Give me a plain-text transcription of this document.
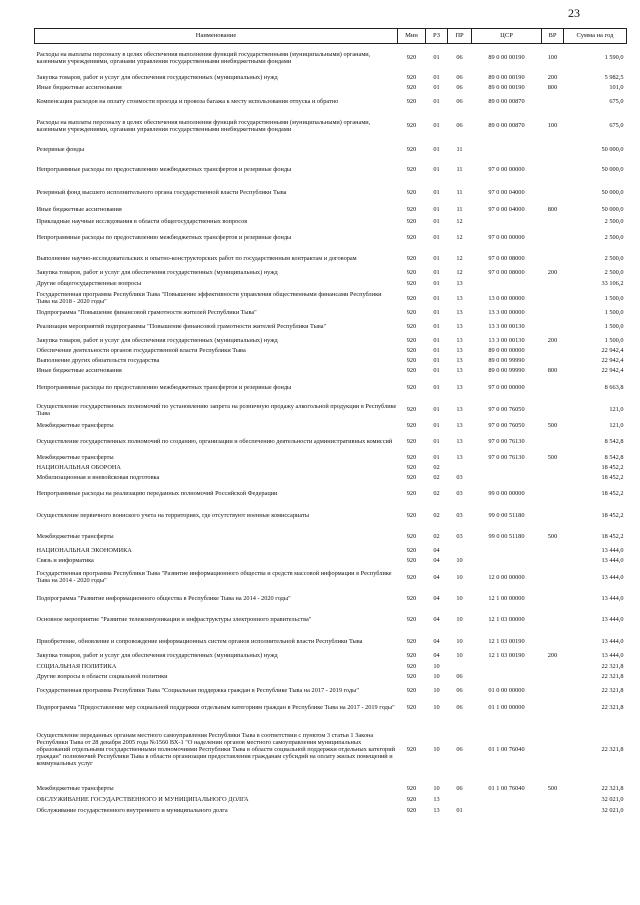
23
Наименование	Мин	РЗ	ПР	ЦСР	ВР	Сумма на год
Расходы на выплаты персоналу в целях обеспечения выполнения функций государственными (муниципальными) органами, казенными учреждениями, органами управления государственными внебюджетными фондами	920	01	06	89 0 00 00190	100	1 590,0
Закупка товаров, работ и услуг для обеспечения государственных (муниципальных) нужд	920	01	06	89 0 00 00190	200	5 982,5
Иные бюджетные ассигнования	920	01	06	89 0 00 00190	800	101,0
Компенсация расходов на оплату стоимости проезда и провоза багажа к месту использования отпуска и обратно	920	01	06	89 0 00 00870		675,0
Расходы на выплаты персоналу в целях обеспечения выполнения функций государственными (муниципальными) органами, казенными учреждениями, органами управления государственными внебюджетными фондами	920	01	06	89 0 00 00870	100	675,0
Резервные фонды	920	01	11			50 000,0
Непрограммные расходы по предоставлению межбюджетных трансфертов и резервные фонды	920	01	11	97 0 00 00000		50 000,0
Резервный фонд высшего исполнительного органа государственной власти Республики Тыва	920	01	11	97 0 00 04000		50 000,0
Иные бюджетные ассигнования	920	01	11	97 0 00 04000	800	50 000,0
Прикладные научные исследования в области общегосударственных вопросов	920	01	12			2 500,0
Непрограммные расходы по предоставлению межбюджетных трансфертов и резервные фонды	920	01	12	97 0 00 00000		2 500,0
Выполнение научно-исследовательских и опытно-конструкторских работ по государственным контрактам и договорам	920	01	12	97 0 00 08000		2 500,0
Закупка товаров, работ и услуг для обеспечения государственных (муниципальных) нужд	920	01	12	97 0 00 08000	200	2 500,0
Другие общегосударственные вопросы	920	01	13			33 106,2
Государственная программа Республики Тыва "Повышение эффективности управления общественными финансами Республики Тыва на 2018 - 2020 годы"	920	01	13	13 0 00 00000		1 500,0
Подпрограмма "Повышение финансовой грамотности жителей Республики Тыва"	920	01	13	13 3 00 00000		1 500,0
Реализация мероприятий подпрограммы "Повышение финансовой грамотности жителей Республики Тыва"	920	01	13	13 3 00 00130		1 500,0
Закупка товаров, работ и услуг для обеспечения государственных (муниципальных) нужд	920	01	13	13 3 00 00130	200	1 500,0
Обеспечение деятельности органов государственной власти Республики Тыва	920	01	13	89 0 00 00000		22 942,4
Выполнение других обязательств государства	920	01	13	89 0 00 99990		22 942,4
Иные бюджетные ассигнования	920	01	13	89 0 00 99990	800	22 942,4
Непрограммные расходы по предоставлению межбюджетных трансфертов и резервные фонды	920	01	13	97 0 00 00000		8 663,8
Осуществление государственных полномочий по установлению запрета на розничную продажу алкогольной продукции в Республике Тыва	920	01	13	97 0 00 76050		121,0
Межбюджетные трансферты	920	01	13	97 0 00 76050	500	121,0
Осуществление государственных полномочий по созданию, организации и обеспечению деятельности административных комиссий	920	01	13	97 0 00 76130		8 542,8
Межбюджетные трансферты	920	01	13	97 0 00 76130	500	8 542,8
НАЦИОНАЛЬНАЯ ОБОРОНА	920	02				18 452,2
Мобилизационная и вневойсковая подготовка	920	02	03			18 452,2
Непрограммные расходы на реализацию переданных полномочий Российской Федерации	920	02	03	99 0 00 00000		18 452,2
Осуществление первичного воинского учета на территориях, где отсутствуют военные комиссариаты	920	02	03	99 0 00 51180		18 452,2
Межбюджетные трансферты	920	02	03	99 0 00 51180	500	18 452,2
НАЦИОНАЛЬНАЯ ЭКОНОМИКА	920	04				13 444,0
Связь и информатика	920	04	10			13 444,0
Государственная программа Республики Тыва "Развитие информационного общества и средств массовой информации в Республике Тыва на 2014 - 2020 годы"	920	04	10	12 0 00 00000		13 444,0
Подпрограмма "Развитие информационного общества в Республике Тыва на 2014 - 2020 годы"	920	04	10	12 1 00 00000		13 444,0
Основное мероприятие "Развитие телекоммуникации и инфраструктуры электронного правительства"	920	04	10	12 1 03 00000		13 444,0
Приобретение, обновление и сопровождение информационных систем органов исполнительной власти Республики Тыва	920	04	10	12 1 03 00190		13 444,0
Закупка товаров, работ и услуг для обеспечения государственных (муниципальных) нужд	920	04	10	12 1 03 00190	200	13 444,0
СОЦИАЛЬНАЯ ПОЛИТИКА	920	10				22 321,8
Другие вопросы в области социальной политики	920	10	06			22 321,8
Государственная программа Республики Тыва "Социальная поддержка граждан в Республике Тыва на 2017 - 2019 годы"	920	10	06	01 0 00 00000		22 321,8
Подпрограмма "Предоставление мер социальной поддержки отдельным категориям граждан в Республике Тыва на 2017 - 2019 годы"	920	10	06	01 1 00 00000		22 321,8
Осуществление переданных органам местного самоуправления Республики Тыва в соответствии с пунктом 3 статьи 1 Закона Республики Тыва от 28 декабря 2005 года №1560 ВХ-1 "О наделении органов местного самоуправления муниципальных образований отдельными государственными полномочиями Республики Тыва в области социальной поддержки отдельных категорий граждан" полномочий Республики Тыва в области организации предоставления гражданам субсидий на оплату жилых помещений и коммунальных услуг	920	10	06	01 1 00 76040		22 321,8
Межбюджетные трансферты	920	10	06	01 1 00 76040	500	22 321,8
ОБСЛУЖИВАНИЕ ГОСУДАРСТВЕННОГО И МУНИЦИПАЛЬНОГО ДОЛГА	920	13				32 021,0
Обслуживание государственного внутреннего и муниципального долга	920	13	01			32 021,0
